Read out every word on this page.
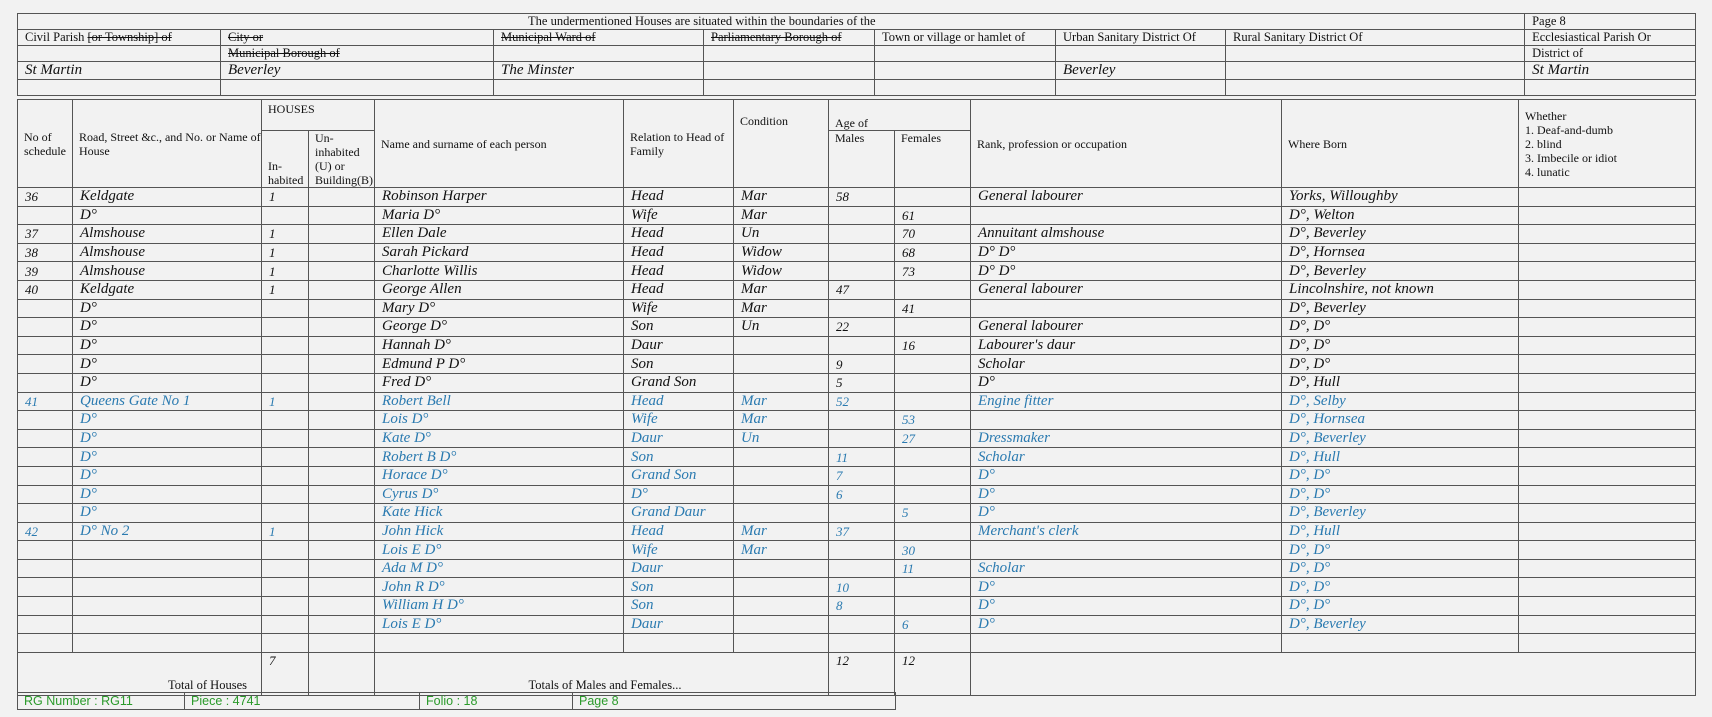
The undermentioned Houses are situated within the boundaries of the								Page 8
Civil Parish [or Township] of	City or	Municipal Ward of	Parliamentary Borough of	Town or village or hamlet of	Urban Sanitary District Of	Rural Sanitary District Of		Ecclesiastical Parish Or
	Municipal Borough of							District of
St Martin	Beverley	The Minster			Beverley			St Martin

No of schedule	Road, Street &c., and No. or Name of House	HOUSES		Name and surname of each person	Relation to Head of Family	Condition	Age of		Rank, profession or occupation	Where Born	Whether
1. Deaf-and-dumb
2. blind
3. Imbecile or idiot
4. lunatic

		In-habited	Un-inhabited (U) or Building(B)				Males	Females			
36	Keldgate	1		Robinson Harper	Head	Mar	58		General labourer	Yorks, Willoughby	
	D°			Maria D°	Wife	Mar		61		D°, Welton	
37	Almshouse	1		Ellen Dale	Head	Un		70	Annuitant almshouse	D°, Beverley	
38	Almshouse	1		Sarah Pickard	Head	Widow		68	D° D°	D°, Hornsea	
39	Almshouse	1		Charlotte Willis	Head	Widow		73	D° D°	D°, Beverley	
40	Keldgate	1		George Allen	Head	Mar	47		General labourer	Lincolnshire, not known	
	D°			Mary D°	Wife	Mar		41		D°, Beverley	
	D°			George D°	Son	Un	22		General labourer	D°, D°	
	D°			Hannah D°	Daur			16	Labourer's daur	D°, D°	
	D°			Edmund P D°	Son		9		Scholar	D°, D°	
	D°			Fred D°	Grand Son		5		D°	D°, Hull	
41	Queens Gate No 1	1		Robert Bell	Head	Mar	52		Engine fitter	D°, Selby	
	D°			Lois D°	Wife	Mar		53		D°, Hornsea	
	D°			Kate D°	Daur	Un		27	Dressmaker	D°, Beverley	
	D°			Robert B D°	Son		11		Scholar	D°, Hull	
	D°			Horace D°	Grand Son		7		D°	D°, D°	
	D°			Cyrus D°	D°		6		D°	D°, D°	
	D°			Kate Hick	Grand Daur			5	D°	D°, Beverley	
42	D° No 2	1		John Hick	Head	Mar	37		Merchant's clerk	D°, Hull	
				Lois E D°	Wife	Mar		30		D°, D°	
				Ada M D°	Daur			11	Scholar	D°, D°	
				John R D°	Son		10		D°	D°, D°	
				William H D°	Son		8		D°	D°, D°	
				Lois E D°	Daur			6	D°	D°, Beverley	

Total of Houses		7		Totals of Males and Females...			12	12			
RG Number : RG11	Piece : 4741	Folio : 18	Page 8
